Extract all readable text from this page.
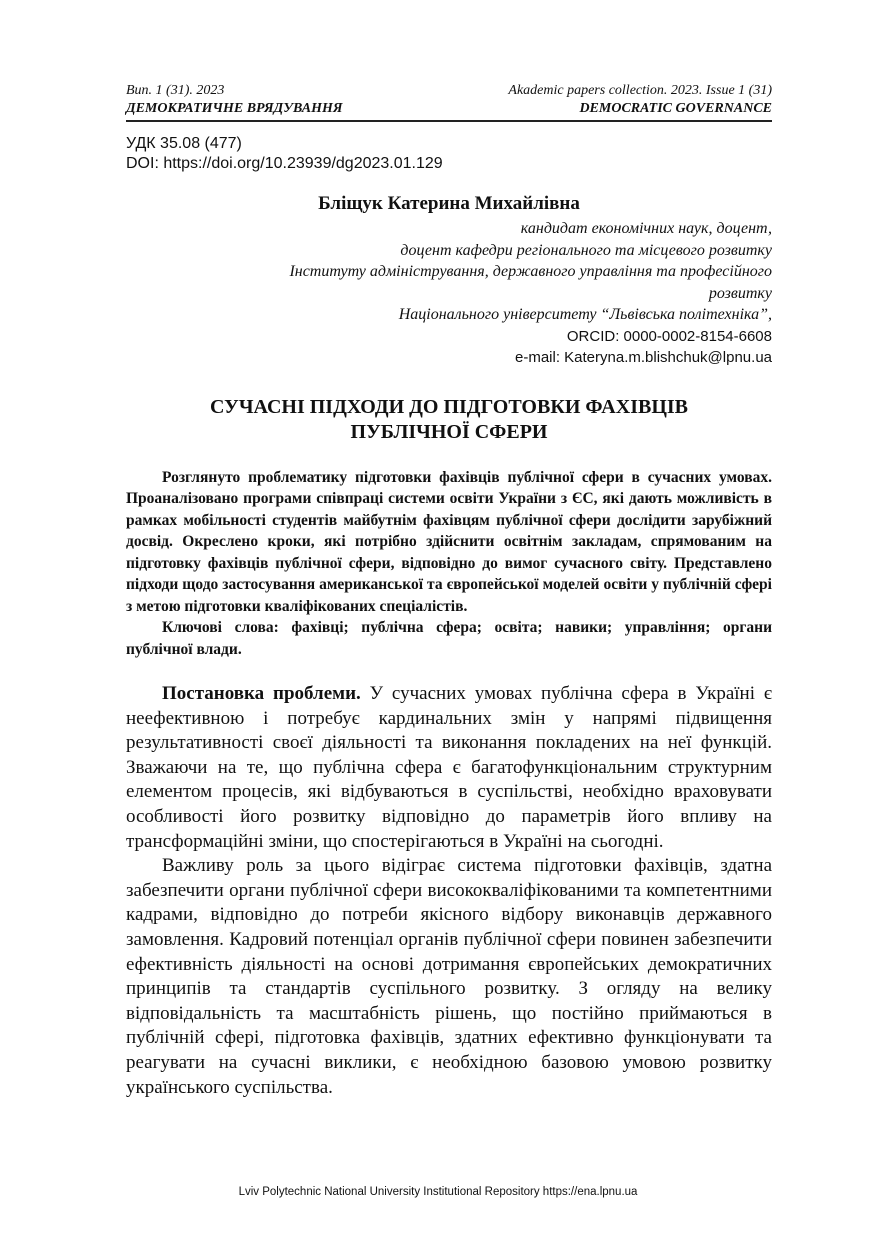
Вип. 1 (31). 2023
ДЕМОКРАТИЧНЕ ВРЯДУВАННЯ
Akademic papers collection. 2023. Issue 1 (31)
DEMOCRATIC GOVERNANCE
УДК 35.08 (477)
DOI: https://doi.org/10.23939/dg2023.01.129
Бліщук Катерина Михайлівна
кандидат економічних наук, доцент,
доцент кафедри регіонального та місцевого розвитку
Інституту адміністрування, державного управління та професійного
розвитку
Національного університету “Львівська політехніка”,
ORCID: 0000-0002-8154-6608
e-mail: Kateryna.m.blishchuk@lpnu.ua
СУЧАСНІ ПІДХОДИ ДО ПІДГОТОВКИ ФАХІВЦІВ
ПУБЛІЧНОЇ СФЕРИ

Розглянуто проблематику підготовки фахівців публічної сфери в сучасних умовах. Проаналізовано програми співпраці системи освіти України з ЄС, які дають можливість в рамках мобільності студентів майбутнім фахівцям публічної сфери дослідити зарубіжний досвід. Окреслено кроки, які потрібно здійснити освітнім закладам, спрямованим на підготовку фахівців публічної сфери, відповідно до вимог сучасного світу. Представлено підходи щодо застосування американської та європейської моделей освіти у публічній сфері з метою підготовки кваліфікованих спеціалістів.

Ключові слова: фахівці; публічна сфера; освіта; навики; управління; органи публічної влади.

Постановка проблеми. У сучасних умовах публічна сфера в Україні є неефективною і потребує кардинальних змін у напрямі підвищення результативності своєї діяльності та виконання покладених на неї функцій. Зважаючи на те, що публічна сфера є багатофункціональним структурним елементом процесів, які відбуваються в суспільстві, необхідно враховувати особливості його розвитку відповідно до параметрів його впливу на трансформаційні зміни, що спостерігаються в Україні на сьогодні.

Важливу роль за цього відіграє система підготовки фахівців, здатна забезпечити органи публічної сфери висококваліфікованими та компетентними кадрами, відповідно до потреби якісного відбору виконавців державного замовлення. Кадровий потенціал органів публічної сфери повинен забезпечити ефективність діяльності на основі дотримання європейських демократичних принципів та стандартів суспільного розвитку. З огляду на велику відповідальність та масштабність рішень, що постійно приймаються в публічній сфері, підготовка фахівців, здатних ефективно функціонувати та реагувати на сучасні виклики, є необхідною базовою умовою розвитку українського суспільства.

Lviv Polytechnic National University Institutional Repository https://ena.lpnu.ua
